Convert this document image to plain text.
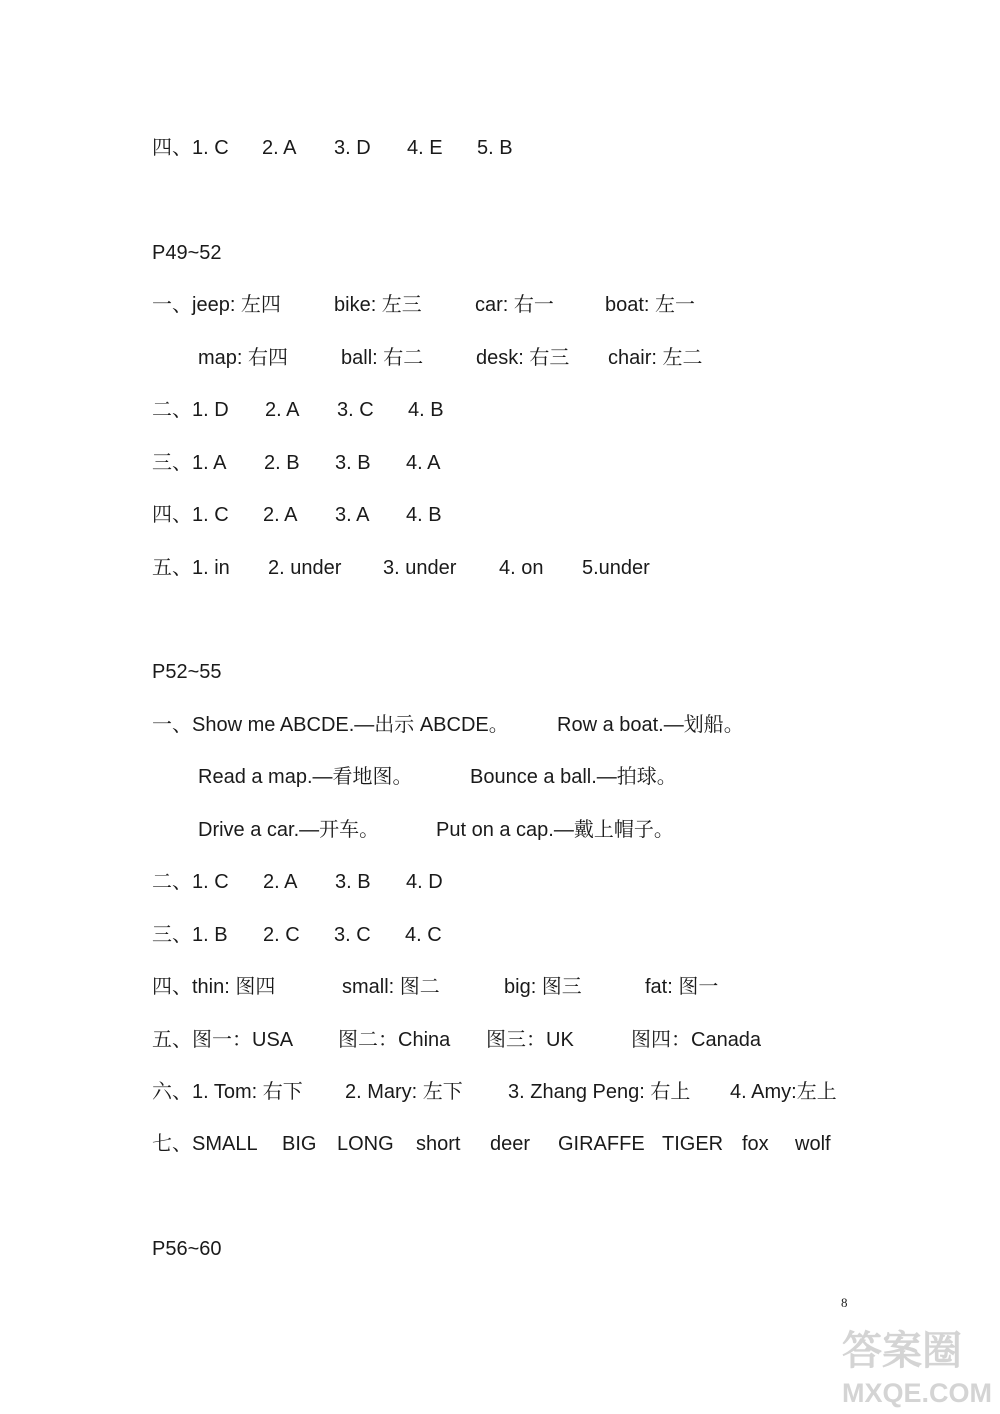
四、1. C 2. A 3. D 4. E 5. B
P49~52
一、jeep: 左四	bike: 左三	car: 右一	boat: 左一
map: 右四	ball: 右二	desk: 右三 chair: 左二
二、1. D 2. A 3. C 4. B
三、1. A 2. B 3. B 4. A
四、1. C 2. A 3. A 4. B
五、1. in 2. under 3. under 4. on 5.under
P52~55
一、Show me ABCDE.—出示 ABCDE。 Row a boat.—划船。
Read a map.—看地图。	Bounce a ball.—拍球。
Drive a car.—开车。	Put on a cap.—戴上帽子。
二、1. C 2. A 3. B 4. D
三、1. B 2. C 3. C 4. C
四、thin: 图四	small: 图二	big: 图三	fat: 图一
五、图一：USA 图二：China 图三：UK	图四：Canada
六、1. Tom: 右下 2. Mary: 左下 3. Zhang Peng: 右上 4. Amy:左上
七、SMALL BIG LONG short deer GIRAFFE TIGER fox wolf
P56~60
8
答案圈
MXQE.COM
